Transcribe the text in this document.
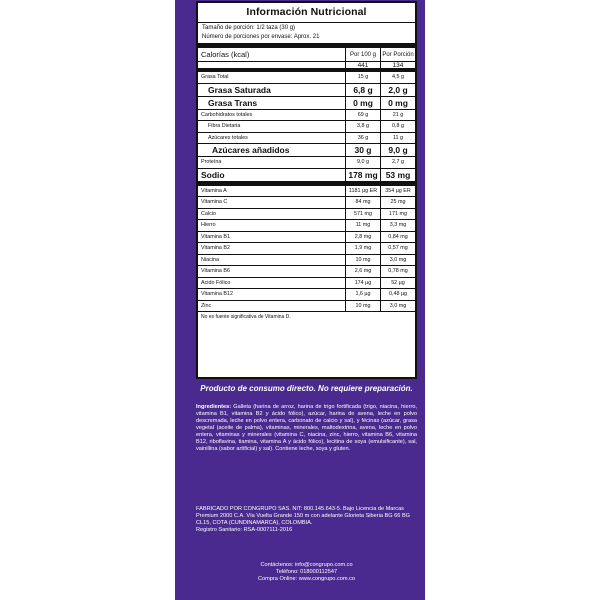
Información Nutricional
Tamaño de porción: 1/2 taza (30 g)
Número de porciones por envase: Aprox. 21
Calorías (kcal)	Por 100 g	Por Porción
441	134
Grasa Total	15 g	4,5 g
Grasa Saturada	6,8 g	2,0 g
Grasa Trans	0 mg	0 mg
Carbohidratos totales	69 g	21 g
Fibra Dietaria	3,8 g	0,8 g
Azúcares totales	36 g	11 g
Azúcares añadidos	30 g	9,0 g
Proteína	9,0 g	2,7 g
Sodio	178 mg 53 mg
Vitamina A	1181 µg ER	354 µg ER
Vitamina C	84 mg	25 mg
Calcio	571 mg	171 mg
Hierro	11 mg	3,3 mg
Vitamina B1	2,8 mg	0,84 mg
Vitamina B2	1,9 mg	0,57 mg
Niacina	10 mg	3,0 mg
Vitamina B6	2,6 mg	0,78 mg
Ácido Fólico	174 µg	52 µg
Vitamina B12	1,6 µg	0,48 µg
Zinc	10 mg	3,0 mg
No es fuente significativa de Vitamina D.
Producto de consumo directo. No requiere preparación.
Ingredientes: Galleta (harina de arroz, harina de trigo fortificada (trigo, niacina, hierro, vitamina B1, vitamina B2 y ácido fólico), azúcar, harina de avena, leche en polvo descremada, leche en polvo entera, carbonato de calcio y sal), y fécinas (azúcar, grasa vegetal (aceite de palma), vitaminas, minerales, maltodextrina, avena, leche en polvo entera, vitaminas y minerales (vitamina C, niacina, zinc, hierro, vitamina B6, vitamina B12, riboflavina, tiamina, vitamina A y ácido fólico), lecitina de soya (emulsificante), sal, vainillina (sabor artificial) y sal). Contiene leche, soya y gluten.
FABRICADO POR CONGRUPO SAS. NIT: 800.145.643-5. Bajo Licencia de Marcas Premium 2000 C.A. Vía Vuelta Grande 150 m con adelante Glorieta Siberia BG 66 BG CL15, COTA (CUNDINAMARCA), COLOMBIA.
Registro Sanitario: RSA-0007111-2016
Contáctenos: info@congrupo.com.co
Teléfono: 018000112547
Compra Online: www.congrupo.com.co
